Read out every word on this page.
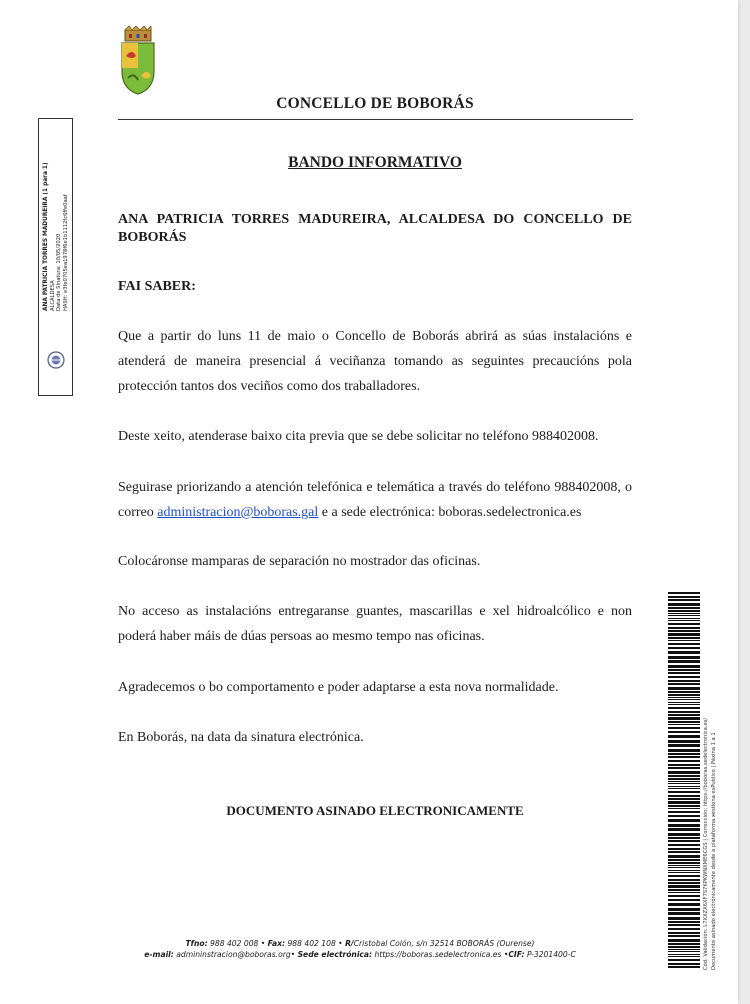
CONCELLO DE BOBORÁS
BANDO INFORMATIVO
ANA PATRICIA TORRES MADUREIRA, ALCALDESA DO CONCELLO DE BOBORÁS
FAI SABER:
Que a partir do luns 11 de maio o Concello de Boborás abrirá as súas instalacións e atenderá de maneira presencial á veciñanza tomando as seguintes precaucións pola protección tantos dos veciños como dos traballadores.
Deste xeito, atenderase baixo cita previa que se debe solicitar no teléfono 988402008.
Seguirase priorizando a atención telefónica e telemática a través do teléfono 988402008, o correo administracion@boboras.gal e a sede electrónica: boboras.sedelectronica.es
Colocáronse mamparas de separación no mostrador das oficinas.
No acceso as instalacións entregaranse guantes, mascarillas e xel hidroalcólico e non poderá haber máis de dúas persoas ao mesmo tempo nas oficinas.
Agradecemos o bo comportamento e poder adaptarse a esta nova normalidade.
En Boborás, na data da sinatura electrónica.
DOCUMENTO ASINADO ELECTRONICAMENTE
Tfno: 988 402 008 • Fax: 988 402 108 • R/Cristobal Colón, s/n 32514 BOBORÁS (Ourense)
e-mail: admininstracion@boboras.org• Sede electrónica: https://boboras.sedelectronica.es •CIF: P-3201400-C
ANA PATRICIA TORRES MADUREIRA (1 para 1) ALCALDESA Data de Sinatura: 10/05/2020 HASH: e3fe0705ea1978f6e1b1112fc6ffe0aaf
Cód. Validación: L7XXZX6XF7S7KPKWNXME6CGS | Corrección: https://boboras.sedelectronica.es/ Documento asinado electrónicamente desde a plataforma xestiona esPublico | Páxina 1 a 1
